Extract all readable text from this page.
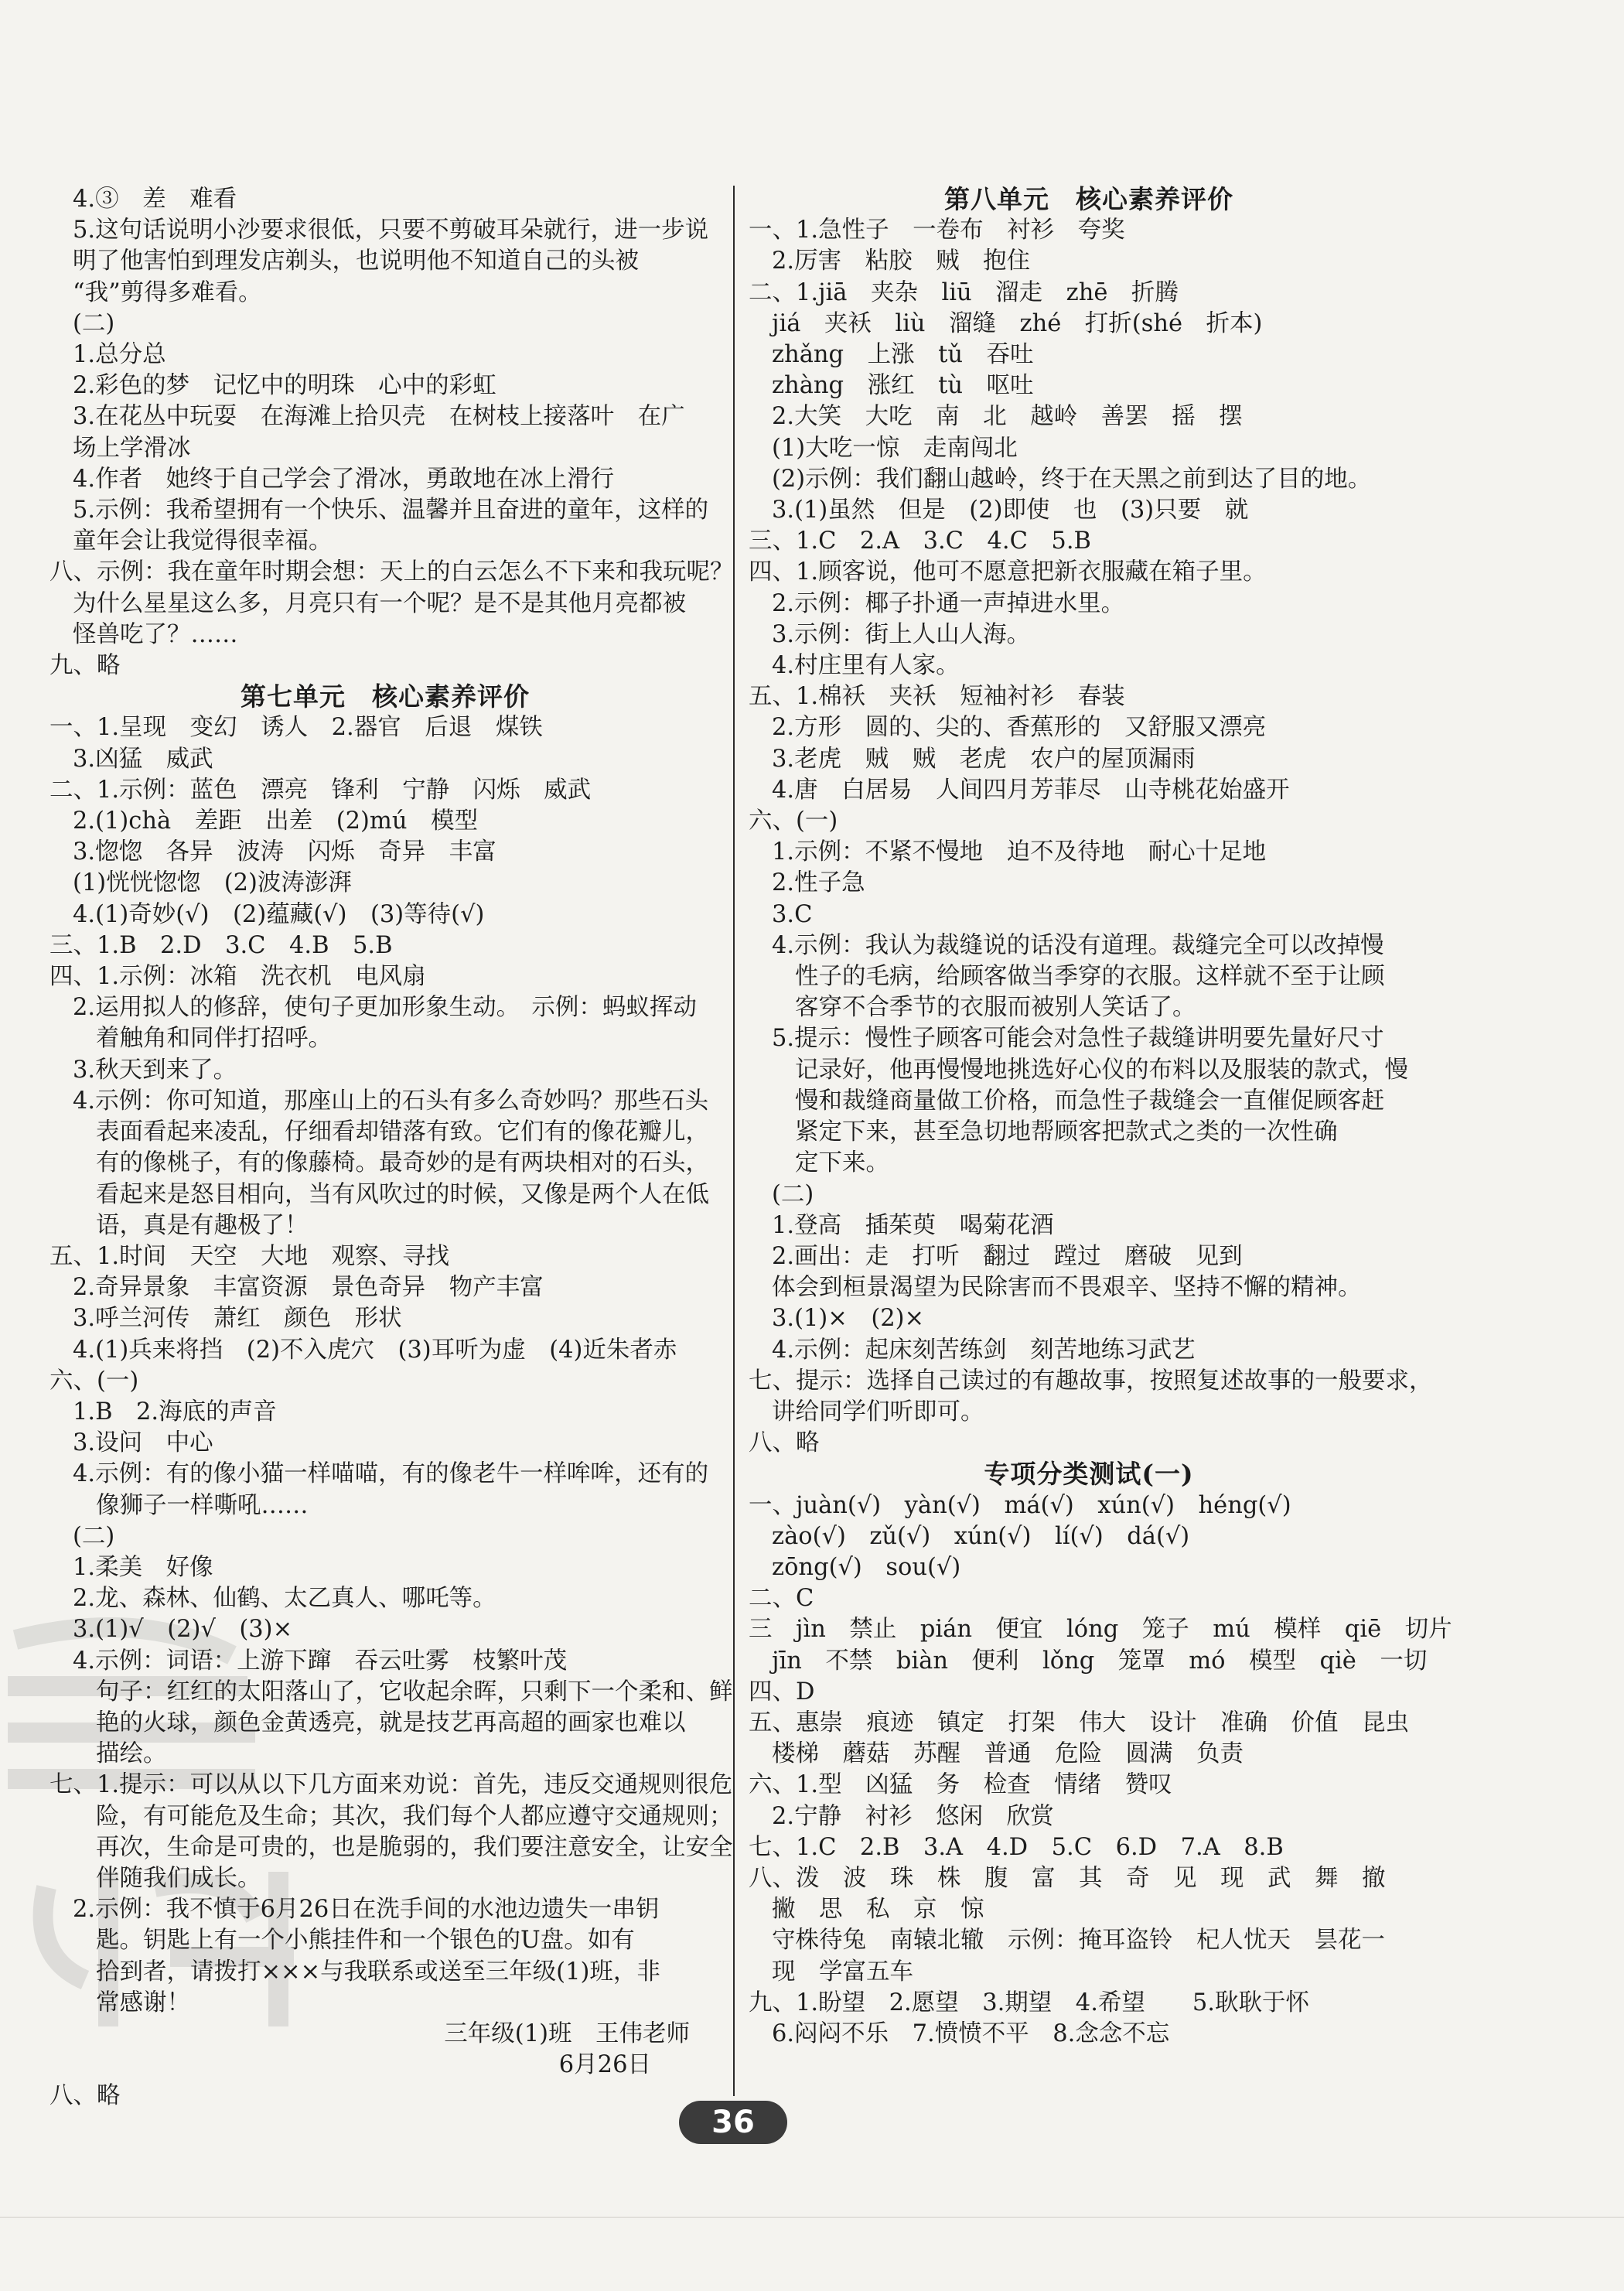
4.③　差　难看
5.这句话说明小沙要求很低，只要不剪破耳朵就行，进一步说
明了他害怕到理发店剃头，也说明他不知道自己的头被
“我”剪得多难看。
(二)
1.总分总
2.彩色的梦　记忆中的明珠　心中的彩虹
3.在花丛中玩耍　在海滩上拾贝壳　在树枝上接落叶　在广
场上学滑冰
4.作者　她终于自己学会了滑冰，勇敢地在冰上滑行
5.示例：我希望拥有一个快乐、温馨并且奋进的童年，这样的
童年会让我觉得很幸福。
八、示例：我在童年时期会想：天上的白云怎么不下来和我玩呢？
为什么星星这么多，月亮只有一个呢？是不是其他月亮都被
怪兽吃了？……
九、略
第七单元　核心素养评价
一、1.呈现　变幻　诱人　2.器官　后退　煤铁
3.凶猛　威武
二、1.示例：蓝色　漂亮　锋利　宁静　闪烁　威武
2.(1)chà　差距　出差　(2)mú　模型
3.惚惚　各异　波涛　闪烁　奇异　丰富
(1)恍恍惚惚　(2)波涛澎湃
4.(1)奇妙(√)　(2)蕴藏(√)　(3)等待(√)
三、1.B　2.D　3.C　4.B　5.B
四、1.示例：冰箱　洗衣机　电风扇
2.运用拟人的修辞，使句子更加形象生动。　示例：蚂蚁挥动
着触角和同伴打招呼。
3.秋天到来了。
4.示例：你可知道，那座山上的石头有多么奇妙吗？那些石头
表面看起来凌乱，仔细看却错落有致。它们有的像花瓣儿，
有的像桃子，有的像藤椅。最奇妙的是有两块相对的石头，
看起来是怒目相向，当有风吹过的时候，又像是两个人在低
语，真是有趣极了！
五、1.时间　天空　大地　观察、寻找
2.奇异景象　丰富资源　景色奇异　物产丰富
3.呼兰河传　萧红　颜色　形状
4.(1)兵来将挡　(2)不入虎穴　(3)耳听为虚　(4)近朱者赤
六、(一)
1.B　2.海底的声音
3.设问　中心
4.示例：有的像小猫一样喵喵，有的像老牛一样哞哞，还有的
像狮子一样嘶吼……
(二)
1.柔美　好像
2.龙、森林、仙鹤、太乙真人、哪吒等。
3.(1)√　(2)√　(3)×
4.示例：词语：上游下蹿　吞云吐雾　枝繁叶茂
句子：红红的太阳落山了，它收起余晖，只剩下一个柔和、鲜
艳的火球，颜色金黄透亮，就是技艺再高超的画家也难以
描绘。
七、1.提示：可以从以下几方面来劝说：首先，违反交通规则很危
险，有可能危及生命；其次，我们每个人都应遵守交通规则；
再次，生命是可贵的，也是脆弱的，我们要注意安全，让安全
伴随我们成长。
2.示例：我不慎于6月26日在洗手间的水池边遗失一串钥
匙。钥匙上有一个小熊挂件和一个银色的U盘。如有
拾到者，请拨打×××与我联系或送至三年级(1)班，非
常感谢！
三年级(1)班　王伟老师
6月26日
八、略
第八单元　核心素养评价
一、1.急性子　一卷布　衬衫　夸奖
2.厉害　粘胶　贼　抱住
二、1.jiā　夹杂　liū　溜走　zhē　折腾
jiá　夹袄　liù　溜缝　zhé　打折(shé　折本)
zhǎng　上涨　tǔ　吞吐
zhàng　涨红　tù　呕吐
2.大笑　大吃　南　北　越岭　善罢　摇　摆
(1)大吃一惊　走南闯北
(2)示例：我们翻山越岭，终于在天黑之前到达了目的地。
3.(1)虽然　但是　(2)即使　也　(3)只要　就
三、1.C　2.A　3.C　4.C　5.B
四、1.顾客说，他可不愿意把新衣服藏在箱子里。
2.示例：椰子扑通一声掉进水里。
3.示例：街上人山人海。
4.村庄里有人家。
五、1.棉袄　夹袄　短袖衬衫　春装
2.方形　圆的、尖的、香蕉形的　又舒服又漂亮
3.老虎　贼　贼　老虎　农户的屋顶漏雨
4.唐　白居易　人间四月芳菲尽　山寺桃花始盛开
六、(一)
1.示例：不紧不慢地　迫不及待地　耐心十足地
2.性子急
3.C
4.示例：我认为裁缝说的话没有道理。裁缝完全可以改掉慢
性子的毛病，给顾客做当季穿的衣服。这样就不至于让顾
客穿不合季节的衣服而被别人笑话了。
5.提示：慢性子顾客可能会对急性子裁缝讲明要先量好尺寸
记录好，他再慢慢地挑选好心仪的布料以及服装的款式，慢
慢和裁缝商量做工价格，而急性子裁缝会一直催促顾客赶
紧定下来，甚至急切地帮顾客把款式之类的一次性确
定下来。
(二)
1.登高　插茱萸　喝菊花酒
2.画出：走　打听　翻过　蹚过　磨破　见到
体会到桓景渴望为民除害而不畏艰辛、坚持不懈的精神。
3.(1)×　(2)×
4.示例：起床刻苦练剑　刻苦地练习武艺
七、提示：选择自己读过的有趣故事，按照复述故事的一般要求，
讲给同学们听即可。
八、略
专项分类测试(一)
一、juàn(√)　yàn(√)　má(√)　xún(√)　héng(√)
zào(√)　zǔ(√)　xún(√)　lí(√)　dá(√)
zōng(√)　sou(√)
二、C
三　jìn　禁止　pián　便宜　lóng　笼子　mú　模样　qiē　切片
jīn　不禁　biàn　便利　lǒng　笼罩　mó　模型　qiè　一切
四、D
五、惠崇　痕迹　镇定　打架　伟大　设计　准确　价值　昆虫
楼梯　蘑菇　苏醒　普通　危险　圆满　负责
六、1.型　凶猛　务　检查　情绪　赞叹
2.宁静　衬衫　悠闲　欣赏
七、1.C　2.B　3.A　4.D　5.C　6.D　7.A　8.B
八、泼　波　珠　株　腹　富　其　奇　见　现　武　舞　撤
撇　思　私　京　惊
守株待兔　南辕北辙　示例：掩耳盗铃　杞人忧天　昙花一
现　学富五车
九、1.盼望　2.愿望　3.期望　4.希望　　5.耿耿于怀
6.闷闷不乐　7.愤愤不平　8.念念不忘
36
